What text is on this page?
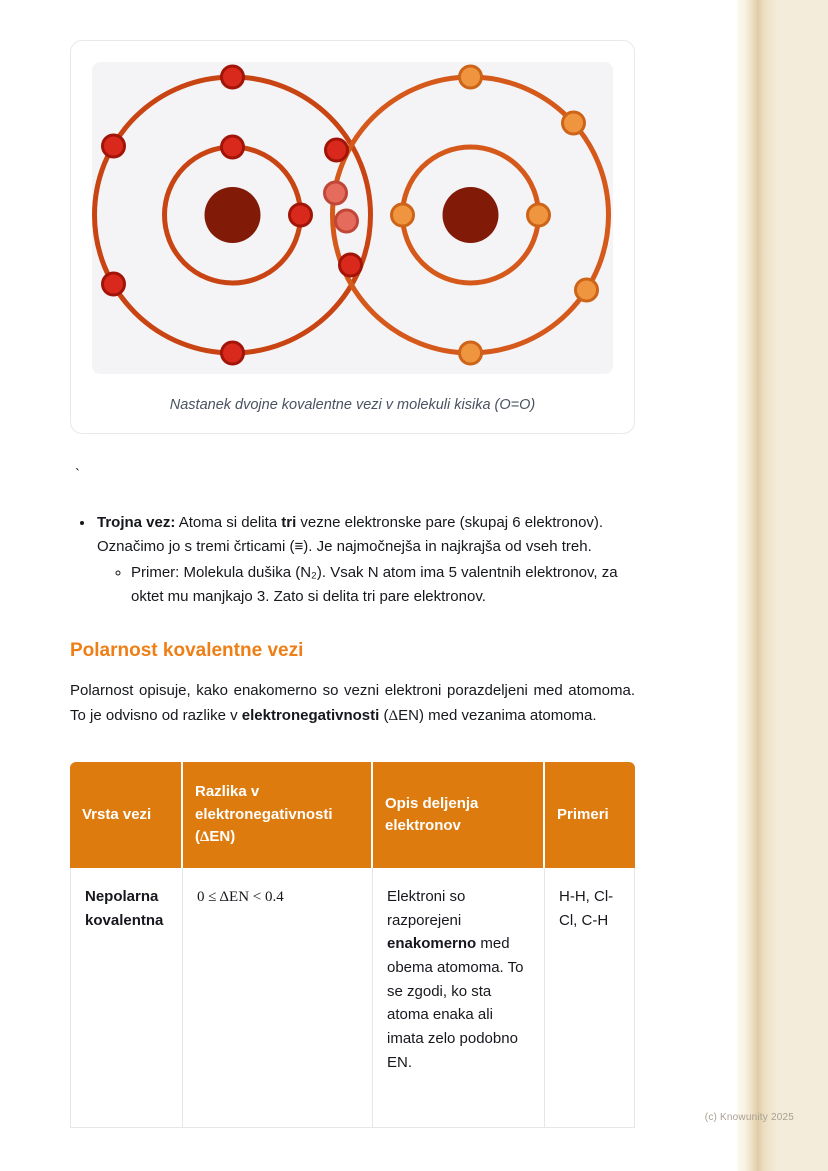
(c) Knowunity 2025
Nastanek dvojne kovalentne vezi v molekuli kisika (O=O)
`
• Trojna vez: Atoma si delita tri vezne elektronske pare (skupaj 6 elektronov). Označimo jo s tremi črticami (≡). Je najmočnejša in najkrajša od vseh treh.
◦ Primer: Molekula dušika (N₂). Vsak N atom ima 5 valentnih elektronov, za oktet mu manjkajo 3. Zato si delita tri pare elektronov.
Polarnost kovalentne vezi

Polarnost opisuje, kako enakomerno so vezni elektroni porazdeljeni med atomoma. To je odvisno od razlike v elektronegativnosti (ΔEN) med vezanima atomoma.

Vrsta vezi	Razlika v elektronegativnosti (ΔEN)	Opis deljenja elektronov	Primeri
Nepolarna kovalentna	0 ≤ ΔEN < 0.4	Elektroni so razporejeni enakomerno med obema atomoma. To se zgodi, ko sta atoma enaka ali imata zelo podobno EN.	H-H, Cl-Cl, C-H
